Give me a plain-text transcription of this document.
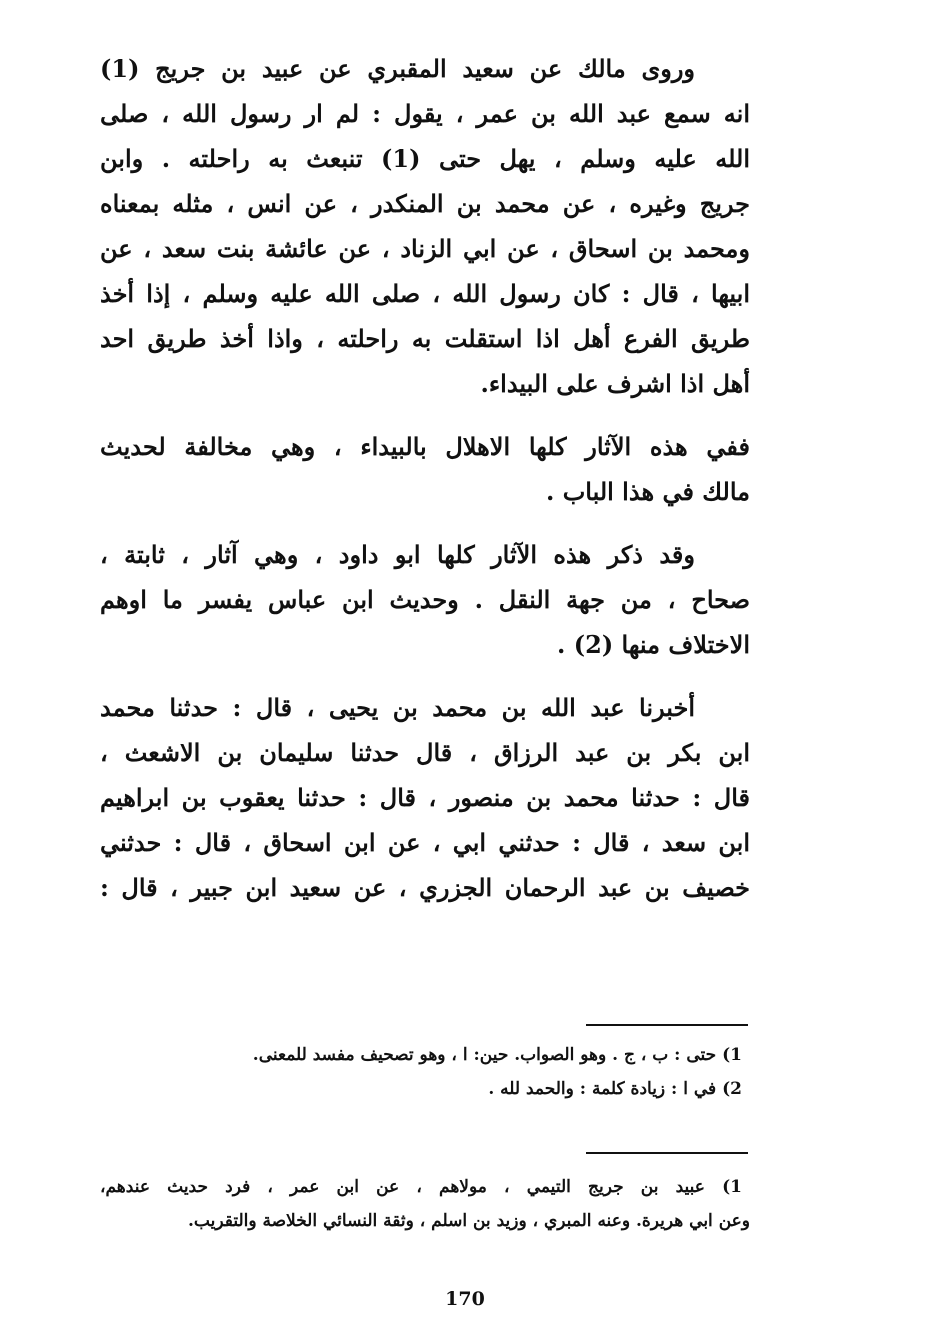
وروى مالك عن سعيد المقبري عن عبيد بن جريج (1)
انه سمع عبد الله بن عمر ، يقول : لم ار رسول الله ، صلى
الله عليه وسلم ، يهل حتى (1) تنبعث به راحلته . وابن
جريج وغيره ، عن محمد بن المنكدر ، عن انس ، مثله بمعناه
ومحمد بن اسحاق ، عن ابي الزناد ، عن عائشة بنت سعد ، عن
ابيها ، قال : كان رسول الله ، صلى الله عليه وسلم ، إذا أخذ
طريق الفرع أهل اذا استقلت به راحلته ، واذا أخذ طريق احد
أهل اذا اشرف على البيداء.

ففي هذه الآثار كلها الاهلال بالبيداء ، وهي مخالفة لحديث
مالك في هذا الباب .

وقد ذكر هذه الآثار كلها ابو داود ، وهي آثار ، ثابتة ،
صحاح ، من جهة النقل . وحديث ابن عباس يفسر ما اوهم
الاختلاف منها (2) .

أخبرنا عبد الله بن محمد بن يحيى ، قال : حدثنا محمد
ابن بكر بن عبد الرزاق ، قال حدثنا سليمان بن الاشعث ،
قال : حدثنا محمد بن منصور ، قال : حدثنا يعقوب بن ابراهيم
ابن سعد ، قال : حدثني ابي ، عن ابن اسحاق ، قال : حدثني
خصيف بن عبد الرحمان الجزري ، عن سعيد ابن جبير ، قال :

1) حتى : ب ، ج . وهو الصواب. حين: ا ، وهو تصحيف مفسد للمعنى.
2) في ا : زيادة كلمة : والحمد لله .
1) عبيد بن جريج التيمي ، مولاهم ، عن ابن عمر ، فرد حديث عندهم،
وعن ابي هريرة. وعنه المبري ، وزيد بن اسلم ، وثقة النسائي الخلاصة والتقريب.
170
